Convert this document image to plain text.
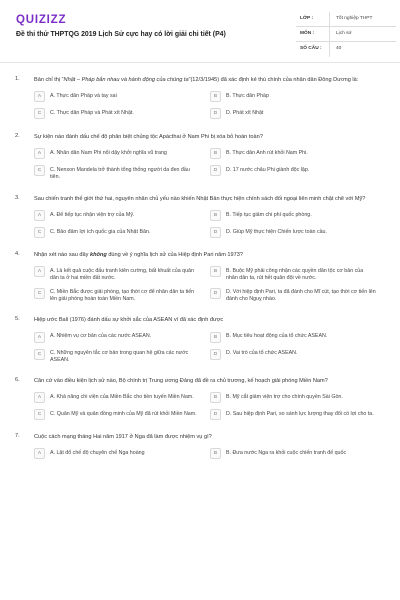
QUIZIZZ
Đề thi thử THPTQG 2019 Lịch Sử cực hay có lời giải chi tiết (P4)
LỚP :	Tốt nghiệp THPT
MÔN :	Lịch sử
SỐ CÂU :	40
1.	Bản chỉ thị “Nhật – Pháp bắn nhau và hành động của chúng ta”(12/3/1945) đã xác định kẻ thù chính của nhân dân Đông Dương là:
A	A. Thực dân Pháp và tay sai	B	B. Thực dân Pháp
C	C. Thực dân Pháp và Phát xít Nhật.	D	D. Phát xít Nhật
2.	Sự kiện nào đánh dấu chế độ phân biệt chủng tộc Apácthai ở Nam Phi bị xóa bỏ hoàn toàn?
A	A. Nhân dân Nam Phi nổi dậy khởi nghĩa vũ trang	B	B. Thực dân Anh rút khỏi Nam Phi.
C	C. Nenxon Mandela trở thành tổng thống người da đen đầu tiên.
D	D. 17 nước châu Phi giành độc lập.
3.	Sau chiến tranh thế giới thứ hai, nguyên nhân chủ yếu nào khiến Nhật Bản thực hiện chính sách đối ngoại liên minh chặt chẽ với Mỹ?
A	A. Để tiếp tục nhận viện trợ của Mỹ.	B	B. Tiếp tục giảm chi phí quốc phòng.
C	C. Bảo đảm lợi ích quốc gia của Nhật Bản.	D	D. Giúp Mỹ thực hiện Chiến lược toàn cầu.
4.	Nhận xét nào sau đây không đúng về ý nghĩa lịch sử của Hiệp định Pari năm 1973?
A	A. Là kết quả cuộc đấu tranh kiên cường, bất khuất của quân dân ta ở hai miền đất nước.
B	B. Buộc Mỹ phải công nhận các quyền dân tộc cơ bản của nhân dân ta, rút hết quân đội về nước.
C	C. Miền Bắc được giải phóng, tạo thời cơ để nhân dân ta tiến lên giải phóng hoàn toàn Miền Nam.
D	D. Với hiệp định Pari, ta đã đánh cho Mĩ cút, tạo thời cơ tiến lên đánh cho Nguỵ nhào.
5.	Hiệp ước Bali (1976) đánh dấu sự khởi sắc của ASEAN vì đã xác định được
A	A. Nhiệm vụ cơ bản của các nước ASEAN.	B	B. Mục tiêu hoạt động của tổ chức ASEAN.
C	C. Những nguyên tắc cơ bản trong quan hệ giữa các nước ASEAN.
D	D. Vai trò của tổ chức ASEAN.
6.	Căn cứ vào điều kiện lịch sử nào, Bộ chính trị Trung ương Đảng đã đề ra chủ trương, kế hoạch giải phóng Miền Nam?
A	A. Khả năng chi viện của Miền Bắc cho tiền tuyến Miền Nam.	B	B. Mỹ cắt giảm viện trợ cho chính quyền Sài Gòn.
C	C. Quân Mỹ và quân đồng minh của Mỹ đã rút khỏi Miền Nam.	D	D. Sau hiệp định Pari, so sánh lực lượng thay đổi có lợi cho ta.
7.	Cuộc cách mạng tháng Hai năm 1917 ở Nga đã làm được nhiệm vụ gì?
A	A. Lật đổ chế độ chuyên chế Nga hoàng	B	B. Đưa nước Nga ra khỏi cuộc chiến tranh đế quốc
